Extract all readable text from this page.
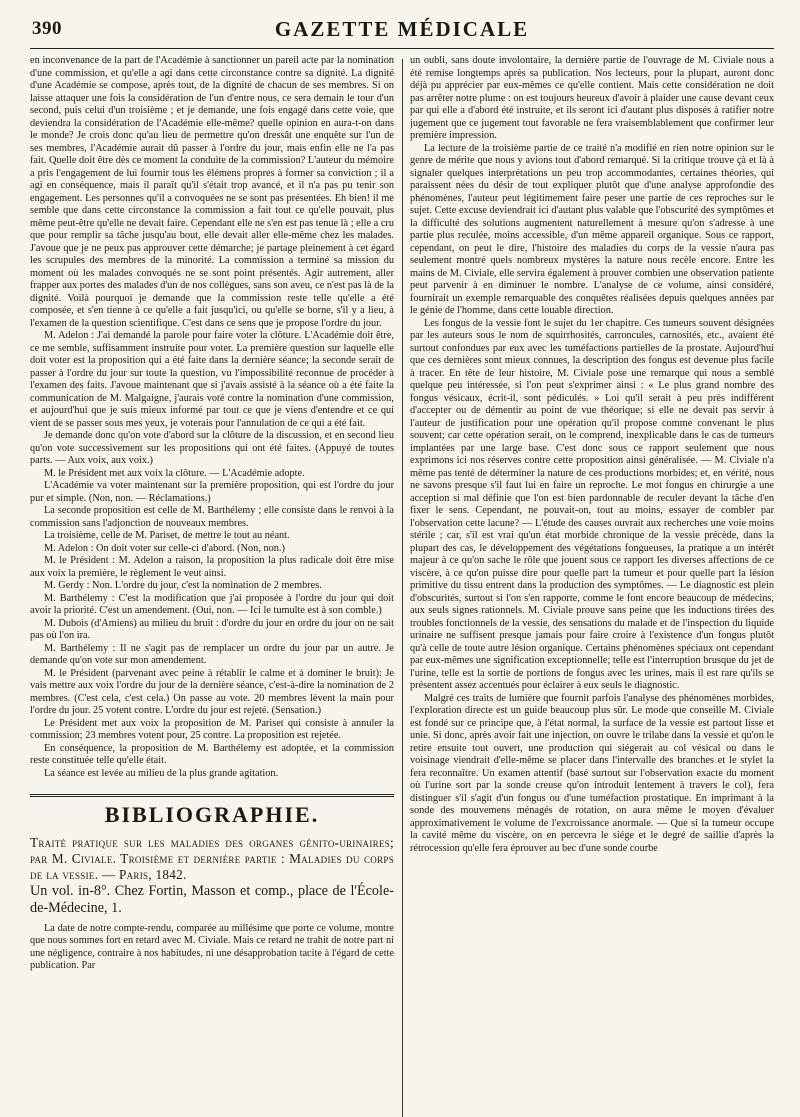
390	GAZETTE MÉDICALE

en inconvenance de la part de l'Académie à sanctionner un pareil acte par la nomination d'une commission, et qu'elle a agi dans cette circonstance contre sa dignité. La dignité d'une Académie se compose, après tout, de la dignité de chacun de ses membres. Si on laisse attaquer une fois la considération de l'un d'entre nous, ce sera demain le tour d'un second, puis celui d'un troisième ; et je demande, une fois engagé dans cette voie, que deviendra la considération de l'Académie elle-même? quelle opinion en aura-t-on dans le monde? Je crois donc qu'au lieu de permettre qu'on dressât une enquête sur l'un de ses membres, l'Académie aurait dû passer à l'ordre du jour, mais enfin elle ne l'a pas fait. Quelle doit être dès ce moment la conduite de la commission? L'auteur du mémoire a pris l'engagement de lui fournir tous les élémens propres à former sa conviction ; il a agi en conséquence, mais il paraît qu'il s'était trop avancé, et il n'a pas pu tenir son engagement. Les personnes qu'il a convoquées ne se sont pas présentées. Eh bien! il me semble que dans cette circonstance la commission a fait tout ce qu'elle pouvait, plus même peut-être qu'elle ne devait faire. Cependant elle ne s'en est pas tenue là ; elle a cru que pour remplir sa tâche jusqu'au bout, elle devait aller elle-même chez les malades. J'avoue que je ne peux pas approuver cette démarche; je partage pleinement à cet égard les scrupules des membres de la minorité. La commission a terminé sa mission du moment où les malades convoqués ne se sont point présentés. Agir autrement, aller frapper aux portes des malades d'un de nos collègues, sans son aveu, ce n'est pas là de la dignité. Voilà pourquoi je demande que la commission reste telle qu'elle a été composée, et s'en tienne à ce qu'elle a fait jusqu'ici, ou qu'elle se borne, s'il y a lieu, à l'examen de la question scientifique. C'est dans ce sens que je propose l'ordre du jour.

M. Adelon : J'ai demandé la parole pour faire voter la clôture. L'Académie doit être, ce me semble, suffisamment instruite pour voter. La première question sur laquelle elle doit voter est la proposition qui a été faite dans la dernière séance; la seconde serait de passer à l'ordre du jour sur toute la question, vu l'impossibilité reconnue de procéder à l'examen des faits. J'avoue maintenant que si j'avais assisté à la séance où a été faite la communication de M. Malgaigne, j'aurais voté contre la nomination d'une commission, et aujourd'hui que je suis mieux informé par tout ce que je viens d'entendre et ce qui vient de se passer sous mes yeux, je voterais pour l'annulation de ce qui a été fait.

Je demande donc qu'on vote d'abord sur la clôture de la discussion, et en second lieu qu'on vote successivement sur les propositions qui ont été faites. (Appuyé de toutes parts. — Aux voix, aux voix.)

M. le Président met aux voix la clôture. — L'Académie adopte.

L'Académie va voter maintenant sur la première proposition, qui est l'ordre du jour pur et simple. (Non, non. — Réclamations.)

La seconde proposition est celle de M. Barthélemy ; elle consiste dans le renvoi à la commission sans l'adjonction de nouveaux membres.

La troisième, celle de M. Pariset, de mettre le tout au néant.

M. Adelon : On doit voter sur celle-ci d'abord. (Non, non.)

M. le Président : M. Adelon a raison, la proposition la plus radicale doit être mise aux voix la première, le règlement le veut ainsi.

M. Gerdy : Non. L'ordre du jour, c'est la nomination de 2 membres.

M. Barthélemy : C'est la modification que j'ai proposée à l'ordre du jour qui doit avoir la priorité. C'est un amendement. (Oui, non. — Ici le tumulte est à son comble.)

M. Dubois (d'Amiens) au milieu du bruit : d'ordre du jour en ordre du jour on ne sait pas où l'on ira.

M. Barthélemy : Il ne s'agit pas de remplacer un ordre du jour par un autre. Je demande qu'on vote sur mon amendement.

M. le Président (parvenant avec peine à rétablir le calme et à dominer le bruit): Je vais mettre aux voix l'ordre du jour de la dernière séance, c'est-à-dire la nomination de 2 membres. (C'est cela, c'est cela.) On passe au vote. 20 membres lèvent la main pour l'ordre du jour. 25 votent contre. L'ordre du jour est rejeté. (Sensation.)

Le Président met aux voix la proposition de M. Pariset qui consiste à annuler la commission; 23 membres votent pour, 25 contre. La proposition est rejetée.

En conséquence, la proposition de M. Barthélemy est adoptée, et la commission reste constituée telle qu'elle était.

La séance est levée au milieu de la plus grande agitation.

BIBLIOGRAPHIE.

Traité pratique sur les maladies des organes génito-urinaires; par M. Civiale. Troisième et dernière partie : Maladies du corps de la vessie. — Paris, 1842.

Un vol. in-8°. Chez Fortin, Masson et comp., place de l'École-de-Médecine, 1.

La date de notre compte-rendu, comparée au millésime que porte ce volume, montre que nous sommes fort en retard avec M. Civiale. Mais ce retard ne trahit de notre part ni une négligence, contraire à nos habitudes, ni une désapprobation tacite à l'égard de cette publication. Par

un oubli, sans doute involontaire, la dernière partie de l'ouvrage de M. Civiale nous a été remise longtemps après sa publication. Nos lecteurs, pour la plupart, auront donc déjà pu apprécier par eux-mêmes ce qu'elle contient. Mais cette considération ne doit pas arrêter notre plume : on est toujours heureux d'avoir à plaider une cause devant ceux par qui elle a d'abord été instruite, et ils seront ici d'autant plus disposés à ratifier notre jugement que ce jugement tout favorable ne fera vraisemblablement que confirmer leur première impression.

La lecture de la troisième partie de ce traité n'a modifié en rien notre opinion sur le genre de mérite que nous y avions tout d'abord remarqué. Si la critique trouve çà et là à signaler quelques interprétations un peu trop accommodantes, certaines théories, qui paraissent nées du désir de tout expliquer plutôt que d'une analyse approfondie des phénomènes, l'auteur peut légitimement faire peser une partie de ces reproches sur le sujet. Cette excuse deviendrait ici d'autant plus valable que l'obscurité des symptômes et la difficulté des solutions augmentent naturellement à mesure qu'on s'adresse à une partie plus reculée, moins accessible, d'un même appareil organique. Sous ce rapport, cependant, on peut le dire, l'histoire des maladies du corps de la vessie n'aura pas seulement montré quels nombreux mystères la nature nous recèle encore. Entre les mains de M. Civiale, elle servira également à prouver combien une observation patiente peut parvenir à en diminuer le nombre. L'analyse de ce volume, ainsi considéré, fournirait un exemple remarquable des conquêtes réalisées depuis quelques années par le génie de l'homme, dans cette louable direction.

Les fongus de la vessie font le sujet du 1er chapitre. Ces tumeurs souvent désignées par les auteurs sous le nom de squirrhosités, carroncules, carnosités, etc., avaient été surtout confondues par eux avec les tuméfactions partielles de la prostate. Aujourd'hui que ces dernières sont mieux connues, la description des fongus est devenue plus facile à tracer. En tête de leur histoire, M. Civiale pose une remarque qui nous a semblé quelque peu intéressée, si l'on peut s'exprimer ainsi : « Le plus grand nombre des fongus vésicaux, écrit-il, sont pédiculés. » Loi qu'il serait à peu près indifférent d'accepter ou de démentir au point de vue théorique; si elle ne devait pas servir à l'auteur de justification pour une opération qu'il propose comme convenant le plus souvent; car cette opération serait, on le comprend, inexplicable dans le cas de tumeurs implantées par une large base. C'est donc sous ce rapport seulement que nous exprimons ici nos réserves contre cette proposition ainsi généralisée. — M. Civiale n'a même pas tenté de déterminer la nature de ces productions morbides; et, en vérité, nous ne savons presque s'il faut lui en faire un reproche. Le mot fongus en chirurgie a une acception si mal définie que l'on est bien pardonnable de reculer devant la tâche d'en fixer le sens. Cependant, ne pouvait-on, tout au moins, essayer de combler par l'observation cette lacune? — L'étude des causes ouvrait aux recherches une voie moins stérile ; car, s'il est vrai qu'un état morbide chronique de la vessie précède, dans la plupart des cas, le développement des végétations fongueuses, la pratique a un intérêt majeur à ce qu'on sache le rôle que jouent sous ce rapport les diverses affections de ce viscère, à ce qu'on puisse dire pour quelle part la tumeur et pour quelle part la lésion primitive du tissu entrent dans la production des symptômes. — Le diagnostic est plein d'obscurités, surtout si l'on s'en rapporte, comme le font encore beaucoup de médecins, aux seuls signes rationnels. M. Civiale prouve sans peine que les inductions tirées des troubles fonctionnels de la vessie, des sensations du malade et de l'inspection du liquide urinaire ne suffisent presque jamais pour faire croire à l'existence d'un fongus plutôt qu'à celle de toute autre lésion organique. Certains phénomènes spéciaux ont cependant par eux-mêmes une signification exceptionnelle; telle est l'interruption brusque du jet de l'urine, telle est la sortie de portions de fongus avec les urines, mais il est rare qu'ils se présentent assez accentués pour éclairer à eux seuls le diagnostic.

Malgré ces traits de lumière que fournit parfois l'analyse des phénomènes morbides, l'exploration directe est un guide beaucoup plus sûr. Le mode que conseille M. Civiale est fondé sur ce principe que, à l'état normal, la surface de la vessie est partout lisse et unie. Si donc, après avoir fait une injection, on ouvre le trilabe dans la vessie et qu'on le retire ensuite tout ouvert, une production qui siégerait au col vésical ou dans le voisinage viendrait d'elle-même se placer dans l'intervalle des branches et le stylet la fera reconnaître. Un examen attentif (basé surtout sur l'observation exacte du moment où l'urine sort par la sonde creuse qu'on introduit lentement à travers le col), fera distinguer s'il s'agit d'un fongus ou d'une tuméfaction prostatique. En imprimant à la sonde des mouvemens ménagés de rotation, on aura même le moyen d'évaluer approximativement le volume de l'excroissance anormale. — Que si la tumeur occupe la cavité même du viscère, on en percevra le siége et le degré de saillie d'après la rétrocession qu'elle fera éprouver au bec d'une sonde courbe
